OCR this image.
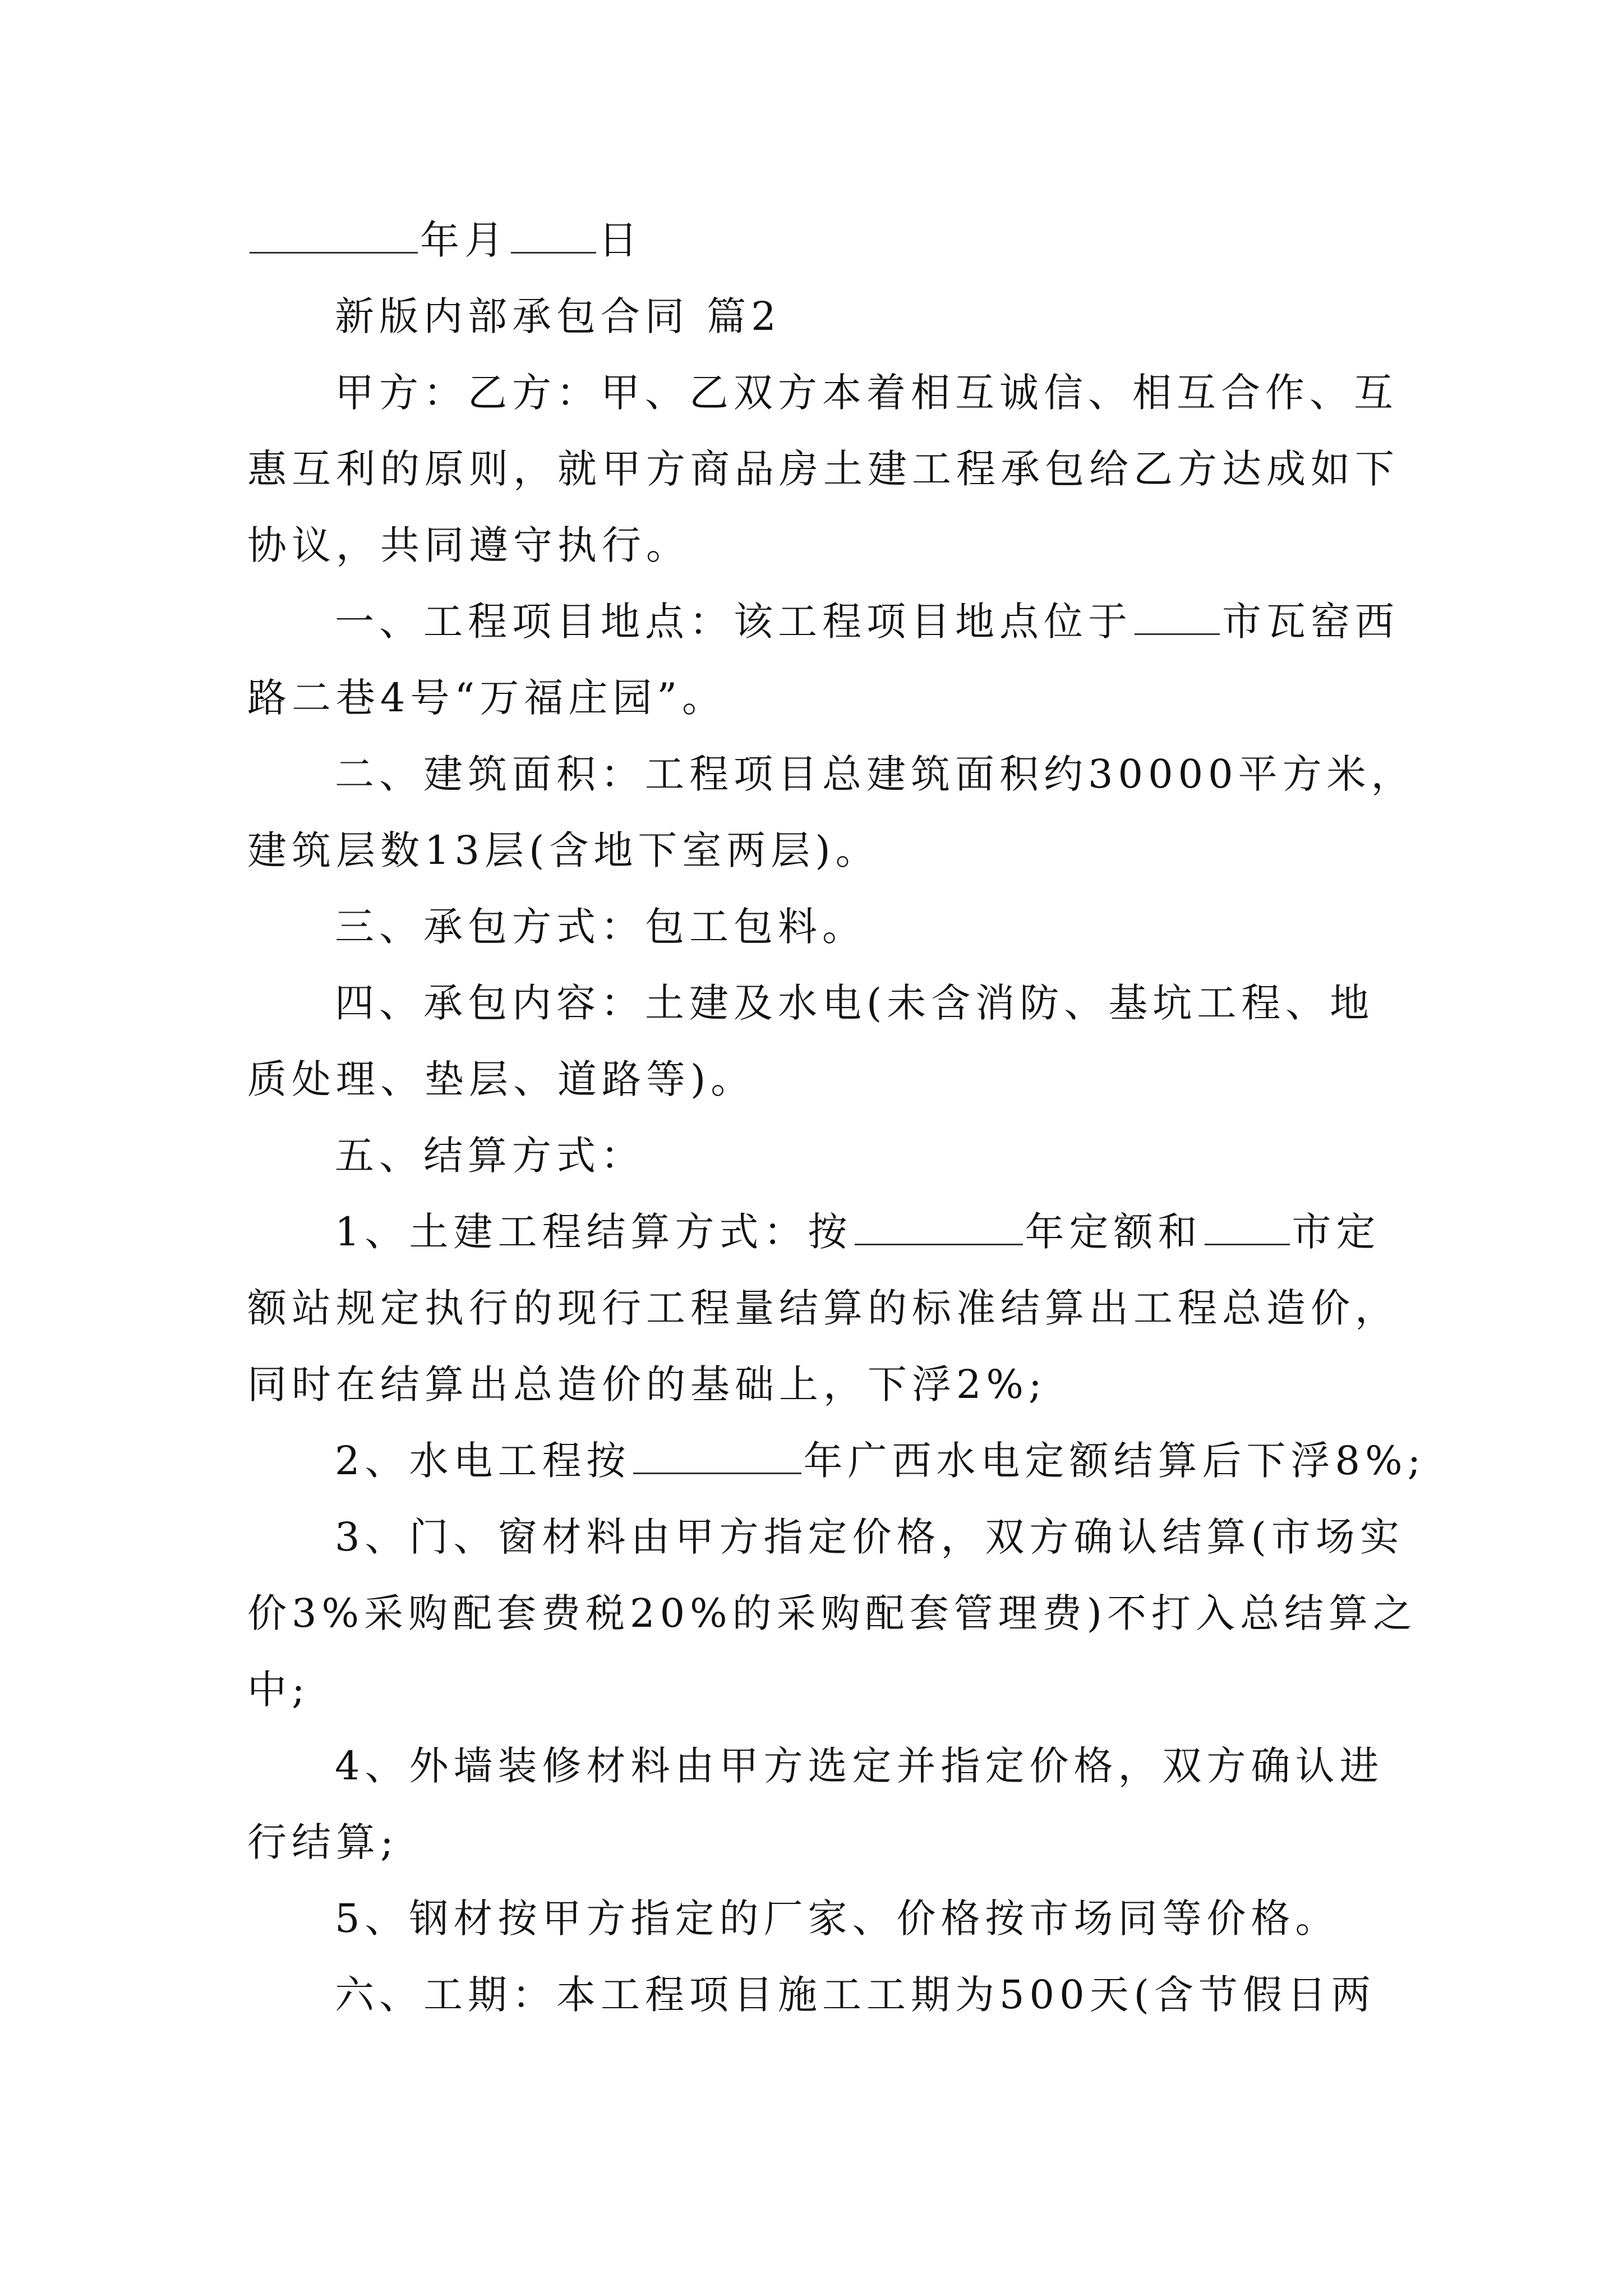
年月 日
新版内部承包合同 篇2
甲方：乙方：甲、乙双方本着相互诚信、相互合作、互
惠互利的原则，就甲方商品房土建工程承包给乙方达成如下
协议，共同遵守执行。
一、工程项目地点：该工程项目地点位于 市瓦窑西
路二巷4号“万福庄园”。
二、建筑面积：工程项目总建筑面积约30000平方米，
建筑层数13层(含地下室两层)。
三、承包方式：包工包料。
四、承包内容：土建及水电(未含消防、基坑工程、地
质处理、垫层、道路等)。
五、结算方式：
1、土建工程结算方式：按	年定额和 市定
额站规定执行的现行工程量结算的标准结算出工程总造价，
同时在结算出总造价的基础上，下浮2%;
2、水电工程按	年广西水电定额结算后下浮8%;
3、门、窗材料由甲方指定价格，双方确认结算(市场实
价3%采购配套费税20%的采购配套管理费)不打入总结算之
中;
4、外墙装修材料由甲方选定并指定价格，双方确认进
行结算;
5、钢材按甲方指定的厂家、价格按市场同等价格。
六、工期：本工程项目施工工期为500天(含节假日两
